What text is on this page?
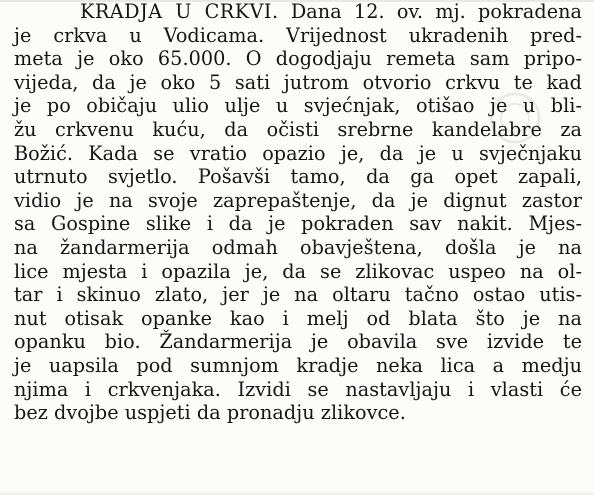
KRADJA U CRKVI. Dana 12. ov. mj. pokradena
je crkva u Vodicama. Vrijednost ukradenih pred-
meta je oko 65.000. O dogodjaju remeta sam pripo-
vijeda, da je oko 5 sati jutrom otvorio crkvu te kad
je po običaju ulio ulje u svjećnjak, otišao je u bli-
žu crkvenu kuću, da očisti srebrne kandelabre za
Božić. Kada se vratio opazio je, da je u svječnjaku
utrnuto svjetlo. Pošavši tamo, da ga opet zapali,
vidio je na svoje zaprepaštenje, da je dignut zastor
sa Gospine slike i da je pokraden sav nakit. Mjes-
na žandarmerija odmah obavještena, došla je na
lice mjesta i opazila je, da se zlikovac uspeo na ol-
tar i skinuo zlato, jer je na oltaru tačno ostao utis-
nut otisak opanke kao i melj od blata što je na
opanku bio. Žandarmerija je obavila sve izvide te
je uapsila pod sumnjom kradje neka lica a medju
njima i crkvenjaka. Izvidi se nastavljaju i vlasti će
bez dvojbe uspjeti da pronadju zlikovce.
